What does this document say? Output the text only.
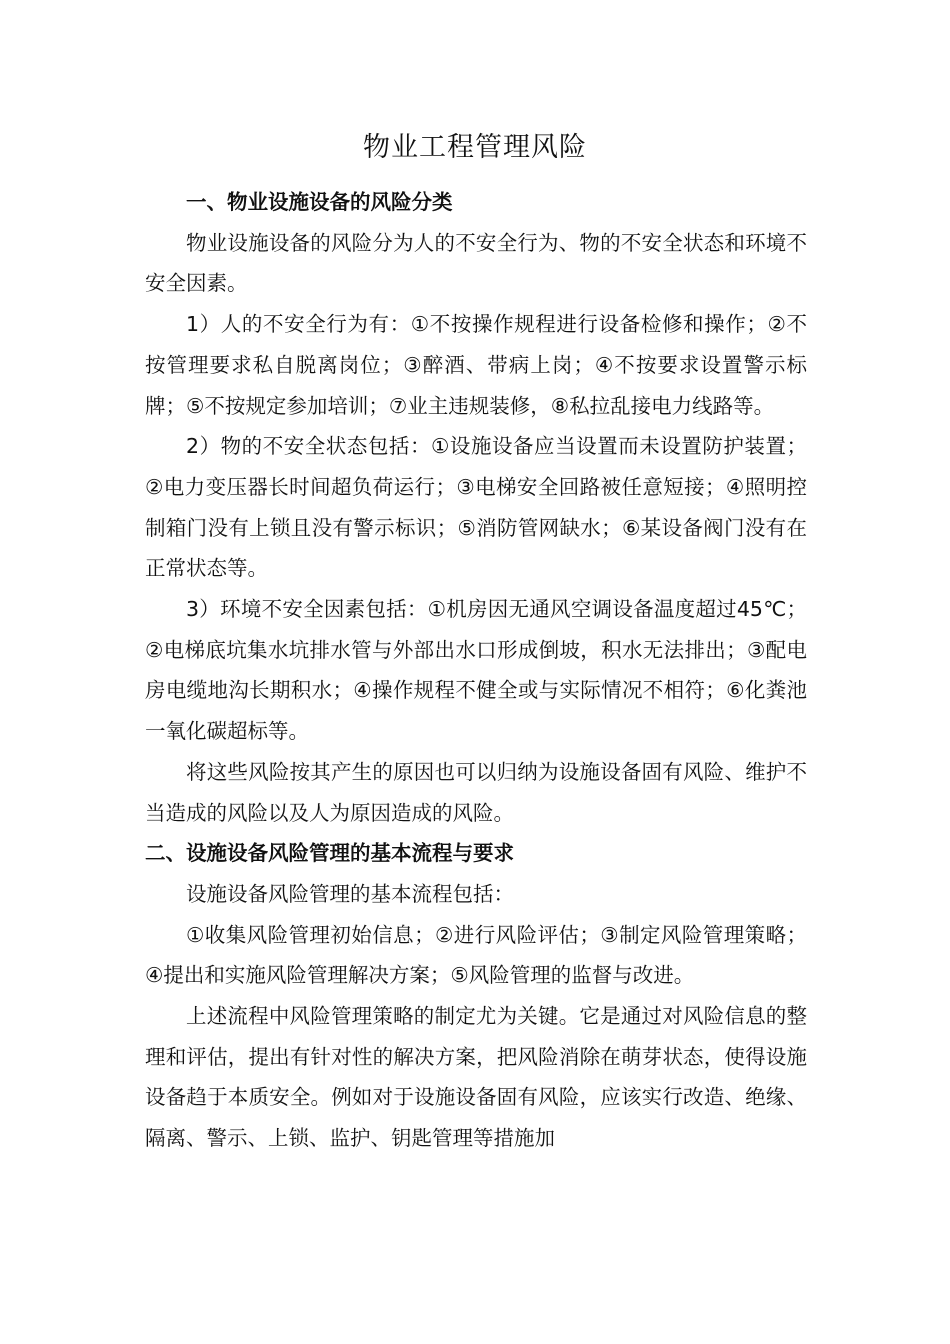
物业工程管理风险

一、物业设施设备的风险分类

物业设施设备的风险分为人的不安全行为、物的不安全状态和环境不安全因素。

1）人的不安全行为有：①不按操作规程进行设备检修和操作；②不按管理要求私自脱离岗位；③醉酒、带病上岗；④不按要求设置警示标牌；⑤不按规定参加培训；⑦业主违规装修，⑧私拉乱接电力线路等。

2）物的不安全状态包括：①设施设备应当设置而未设置防护装置；②电力变压器长时间超负荷运行；③电梯安全回路被任意短接；④照明控制箱门没有上锁且没有警示标识；⑤消防管网缺水；⑥某设备阀门没有在正常状态等。

3）环境不安全因素包括：①机房因无通风空调设备温度超过45℃；②电梯底坑集水坑排水管与外部出水口形成倒坡，积水无法排出；③配电房电缆地沟长期积水；④操作规程不健全或与实际情况不相符；⑥化粪池一氧化碳超标等。

将这些风险按其产生的原因也可以归纳为设施设备固有风险、维护不当造成的风险以及人为原因造成的风险。

二、设施设备风险管理的基本流程与要求

设施设备风险管理的基本流程包括：

①收集风险管理初始信息；②进行风险评估；③制定风险管理策略；④提出和实施风险管理解决方案；⑤风险管理的监督与改进。

上述流程中风险管理策略的制定尤为关键。它是通过对风险信息的整理和评估，提出有针对性的解决方案，把风险消除在萌芽状态，使得设施设备趋于本质安全。例如对于设施设备固有风险，应该实行改造、绝缘、隔离、警示、上锁、监护、钥匙管理等措施加
